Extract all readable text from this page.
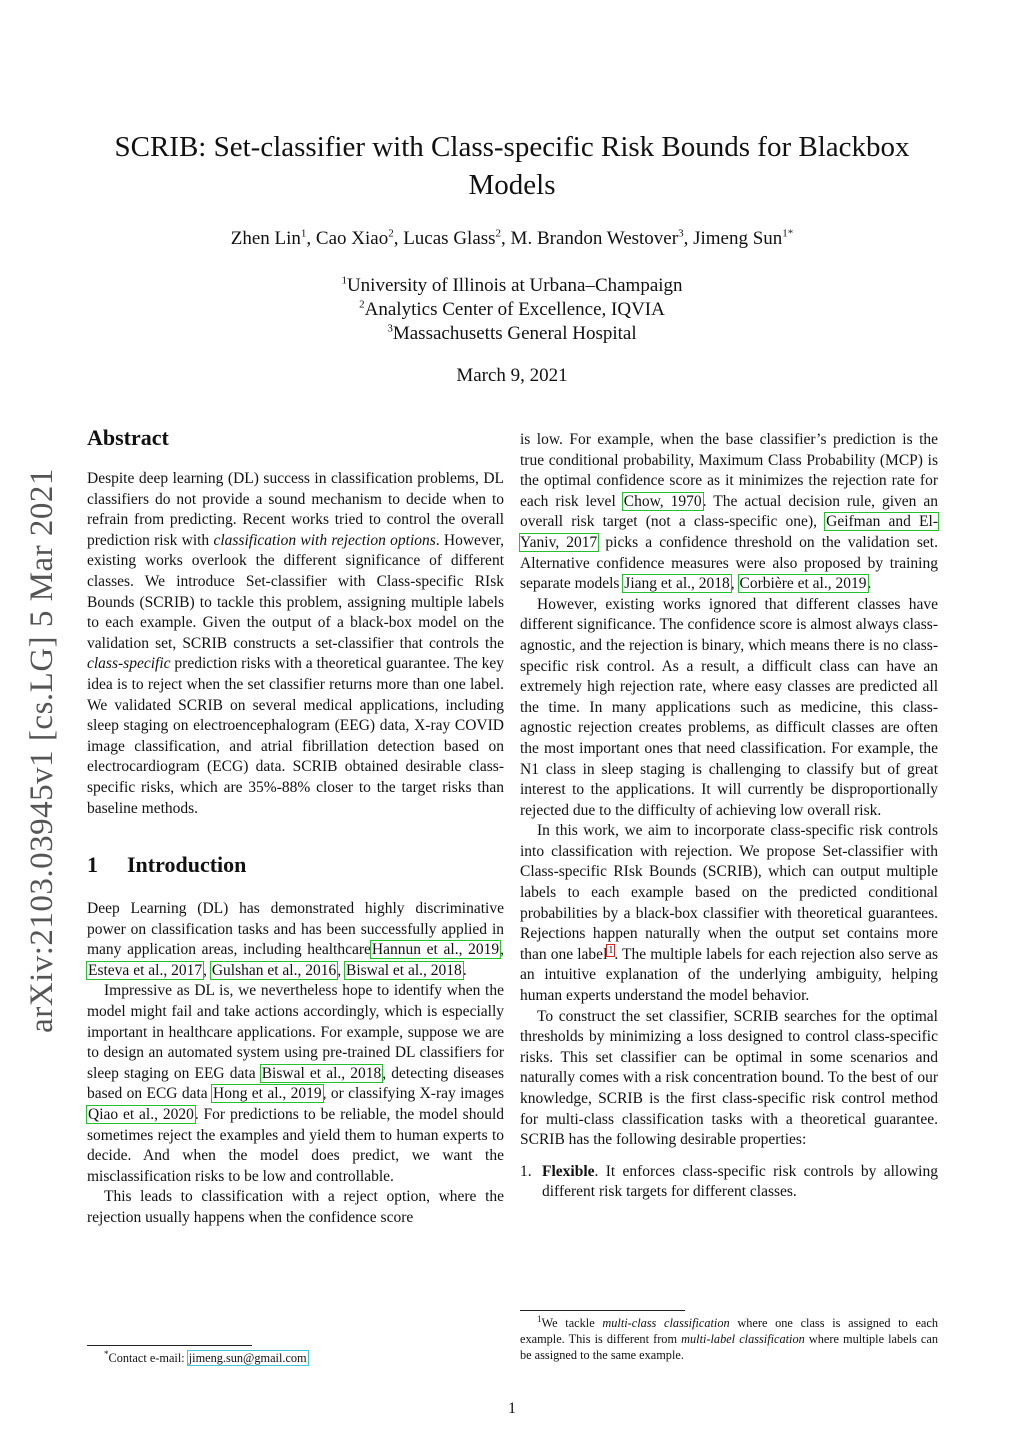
arXiv:2103.03945v1 [cs.LG] 5 Mar 2021
SCRIB: Set-classifier with Class-specific Risk Bounds for Blackbox Models
Zhen Lin$^1$, Cao Xiao$^2$, Lucas Glass$^2$, M. Brandon Westover$^3$, Jimeng Sun$^{1*}$
$^1$University of Illinois at Urbana–Champaign
$^2$Analytics Center of Excellence, IQVIA
$^3$Massachusetts General Hospital
March 9, 2021
Abstract

Despite deep learning (DL) success in classification problems, DL classifiers do not provide a sound mechanism to decide when to refrain from predicting. Recent works tried to control the overall prediction risk with classification with rejection options. However, existing works overlook the different significance of different classes. We introduce Set-classifier with Class-specific RIsk Bounds (SCRIB) to tackle this problem, assigning multiple labels to each example. Given the output of a black-box model on the validation set, SCRIB constructs a set-classifier that controls the class-specific prediction risks with a theoretical guarantee. The key idea is to reject when the set classifier returns more than one label. We validated SCRIB on several medical applications, including sleep staging on electroencephalogram (EEG) data, X-ray COVID image classification, and atrial fibrillation detection based on electrocardiogram (ECG) data. SCRIB obtained desirable class-specific risks, which are 35%-88% closer to the target risks than baseline methods.

1 Introduction

Deep Learning (DL) has demonstrated highly discriminative power on classification tasks and has been successfully applied in many application areas, including healthcareHannun et al., 2019, Esteva et al., 2017, Gulshan et al., 2016, Biswal et al., 2018.

Impressive as DL is, we nevertheless hope to identify when the model might fail and take actions accordingly, which is especially important in healthcare applications. For example, suppose we are to design an automated system using pre-trained DL classifiers for sleep staging on EEG data Biswal et al., 2018, detecting diseases based on ECG data Hong et al., 2019, or classifying X-ray images Qiao et al., 2020. For predictions to be reliable, the model should sometimes reject the examples and yield them to human experts to decide. And when the model does predict, we want the misclassification risks to be low and controllable.

This leads to classification with a reject option, where the rejection usually happens when the confidence score

*Contact e-mail: jimeng.sun@gmail.com

is low. For example, when the base classifier’s prediction is the true conditional probability, Maximum Class Probability (MCP) is the optimal confidence score as it minimizes the rejection rate for each risk level Chow, 1970. The actual decision rule, given an overall risk target (not a class-specific one), Geifman and El-Yaniv, 2017 picks a confidence threshold on the validation set. Alternative confidence measures were also proposed by training separate models Jiang et al., 2018, Corbière et al., 2019.

However, existing works ignored that different classes have different significance. The confidence score is almost always class-agnostic, and the rejection is binary, which means there is no class-specific risk control. As a result, a difficult class can have an extremely high rejection rate, where easy classes are predicted all the time. In many applications such as medicine, this class-agnostic rejection creates problems, as difficult classes are often the most important ones that need classification. For example, the N1 class in sleep staging is challenging to classify but of great interest to the applications. It will currently be disproportionally rejected due to the difficulty of achieving low overall risk.

In this work, we aim to incorporate class-specific risk controls into classification with rejection. We propose Set-classifier with Class-specific RIsk Bounds (SCRIB), which can output multiple labels to each example based on the predicted conditional probabilities by a black-box classifier with theoretical guarantees. Rejections happen naturally when the output set contains more than one label$^1$. The multiple labels for each rejection also serve as an intuitive explanation of the underlying ambiguity, helping human experts understand the model behavior.

To construct the set classifier, SCRIB searches for the optimal thresholds by minimizing a loss designed to control class-specific risks. This set classifier can be optimal in some scenarios and naturally comes with a risk concentration bound. To the best of our knowledge, SCRIB is the first class-specific risk control method for multi-class classification tasks with a theoretical guarantee. SCRIB has the following desirable properties:

1. Flexible. It enforces class-specific risk controls by allowing different risk targets for different classes.
$^1$We tackle multi-class classification where one class is assigned to each example. This is different from multi-label classification where multiple labels can be assigned to the same example.
1
